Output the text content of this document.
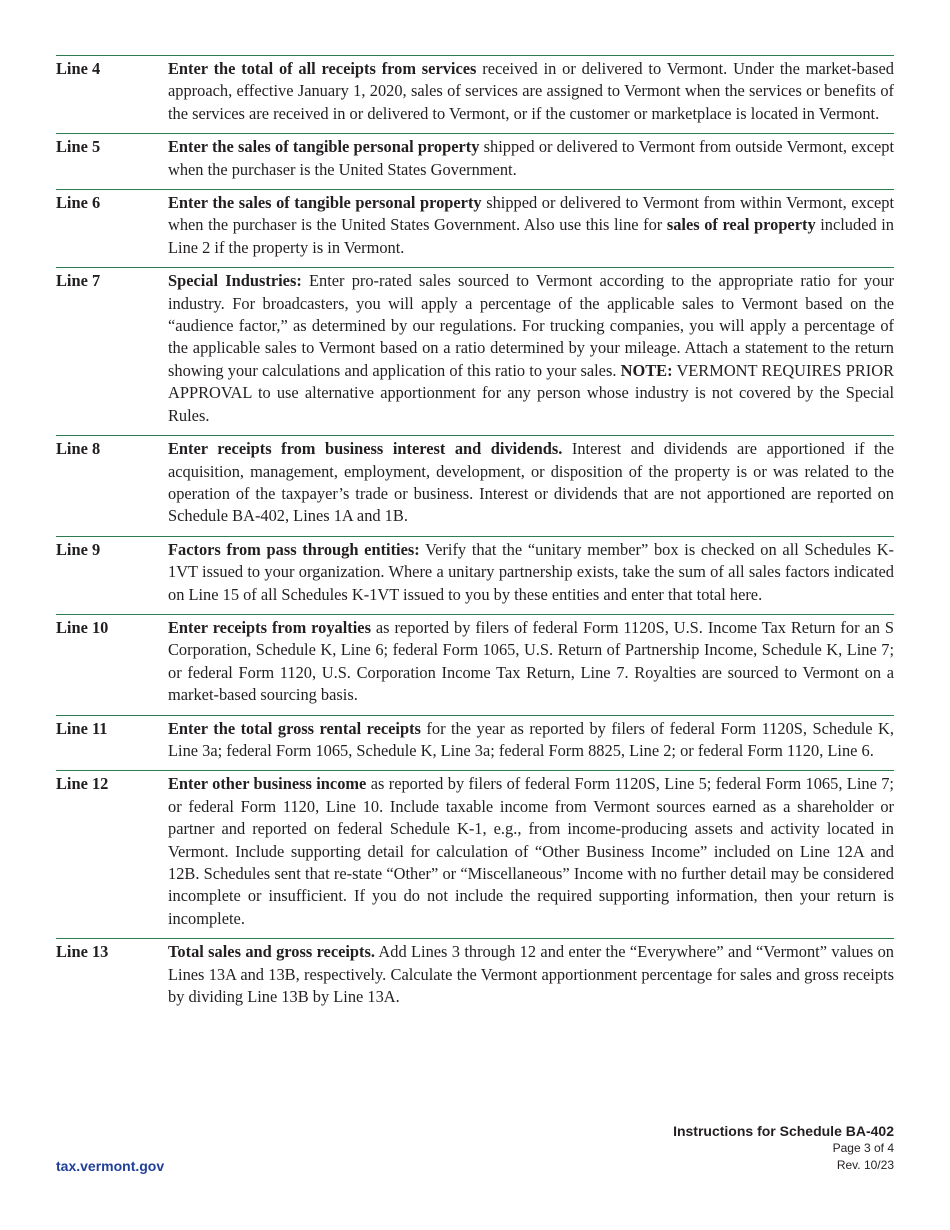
Line 4	Enter the total of all receipts from services received in or delivered to Vermont. Under the market-based approach, effective January 1, 2020, sales of services are assigned to Vermont when the services or benefits of the services are received in or delivered to Vermont, or if the customer or marketplace is located in Vermont.
Line 5	Enter the sales of tangible personal property shipped or delivered to Vermont from outside Vermont, except when the purchaser is the United States Government.
Line 6	Enter the sales of tangible personal property shipped or delivered to Vermont from within Vermont, except when the purchaser is the United States Government. Also use this line for sales of real property included in Line 2 if the property is in Vermont.
Line 7	Special Industries: Enter pro-rated sales sourced to Vermont according to the appropriate ratio for your industry. For broadcasters, you will apply a percentage of the applicable sales to Vermont based on the “audience factor,” as determined by our regulations. For trucking companies, you will apply a percentage of the applicable sales to Vermont based on a ratio determined by your mileage. Attach a statement to the return showing your calculations and application of this ratio to your sales. NOTE: VERMONT REQUIRES PRIOR APPROVAL to use alternative apportionment for any person whose industry is not covered by the Special Rules.
Line 8	Enter receipts from business interest and dividends. Interest and dividends are apportioned if the acquisition, management, employment, development, or disposition of the property is or was related to the operation of the taxpayer’s trade or business. Interest or dividends that are not apportioned are reported on Schedule BA-402, Lines 1A and 1B.
Line 9	Factors from pass through entities: Verify that the “unitary member” box is checked on all Schedules K-1VT issued to your organization. Where a unitary partnership exists, take the sum of all sales factors indicated on Line 15 of all Schedules K-1VT issued to you by these entities and enter that total here.
Line 10	Enter receipts from royalties as reported by filers of federal Form 1120S, U.S. Income Tax Return for an S Corporation, Schedule K, Line 6; federal Form 1065, U.S. Return of Partnership Income, Schedule K, Line 7; or federal Form 1120, U.S. Corporation Income Tax Return, Line 7. Royalties are sourced to Vermont on a market-based sourcing basis.
Line 11	Enter the total gross rental receipts for the year as reported by filers of federal Form 1120S, Schedule K, Line 3a; federal Form 1065, Schedule K, Line 3a; federal Form 8825, Line 2; or federal Form 1120, Line 6.
Line 12	Enter other business income as reported by filers of federal Form 1120S, Line 5; federal Form 1065, Line 7; or federal Form 1120, Line 10. Include taxable income from Vermont sources earned as a shareholder or partner and reported on federal Schedule K-1, e.g., from income-producing assets and activity located in Vermont. Include supporting detail for calculation of “Other Business Income” included on Line 12A and 12B. Schedules sent that re-state “Other” or “Miscellaneous” Income with no further detail may be considered incomplete or insufficient. If you do not include the required supporting information, then your return is incomplete.
Line 13	Total sales and gross receipts. Add Lines 3 through 12 and enter the “Everywhere” and “Vermont” values on Lines 13A and 13B, respectively. Calculate the Vermont apportionment percentage for sales and gross receipts by dividing Line 13B by Line 13A.
Instructions for Schedule BA-402
Page 3 of 4
Rev. 10/23
tax.vermont.gov
